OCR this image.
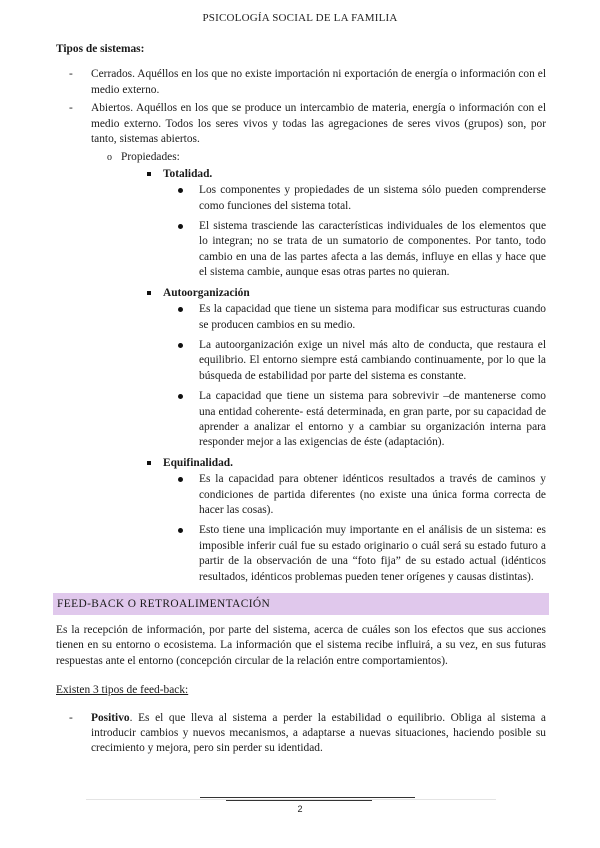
PSICOLOGÍA SOCIAL DE LA FAMILIA

Tipos de sistemas:

- Cerrados. Aquéllos en los que no existe importación ni exportación de energía o información con el medio externo.
- Abiertos. Aquéllos en los que se produce un intercambio de materia, energía o información con el medio externo. Todos los seres vivos y todas las agregaciones de seres vivos (grupos) son, por tanto, sistemas abiertos.
o Propiedades:
Totalidad.
Los componentes y propiedades de un sistema sólo pueden comprenderse como funciones del sistema total.
El sistema trasciende las características individuales de los elementos que lo integran; no se trata de un sumatorio de componentes. Por tanto, todo cambio en una de las partes afecta a las demás, influye en ellas y hace que el sistema cambie, aunque esas otras partes no quieran.
Autoorganización
Es la capacidad que tiene un sistema para modificar sus estructuras cuando se producen cambios en su medio.
La autoorganización exige un nivel más alto de conducta, que restaura el equilibrio. El entorno siempre está cambiando continuamente, por lo que la búsqueda de estabilidad por parte del sistema es constante.
La capacidad que tiene un sistema para sobrevivir –de mantenerse como una entidad coherente- está determinada, en gran parte, por su capacidad de aprender a analizar el entorno y a cambiar su organización interna para responder mejor a las exigencias de éste (adaptación).
Equifinalidad.
Es la capacidad para obtener idénticos resultados a través de caminos y condiciones de partida diferentes (no existe una única forma correcta de hacer las cosas).
Esto tiene una implicación muy importante en el análisis de un sistema: es imposible inferir cuál fue su estado originario o cuál será su estado futuro a partir de la observación de una “foto fija” de su estado actual (idénticos resultados, idénticos problemas pueden tener orígenes y causas distintas).
FEED-BACK O RETROALIMENTACIÓN

Es la recepción de información, por parte del sistema, acerca de cuáles son los efectos que sus acciones tienen en su entorno o ecosistema. La información que el sistema recibe influirá, a su vez, en sus futuras respuestas ante el entorno (concepción circular de la relación entre comportamientos).

Existen 3 tipos de feed-back:

- Positivo. Es el que lleva al sistema a perder la estabilidad o equilibrio. Obliga al sistema a introducir cambios y nuevos mecanismos, a adaptarse a nuevas situaciones, haciendo posible su crecimiento y mejora, pero sin perder su identidad.
2
